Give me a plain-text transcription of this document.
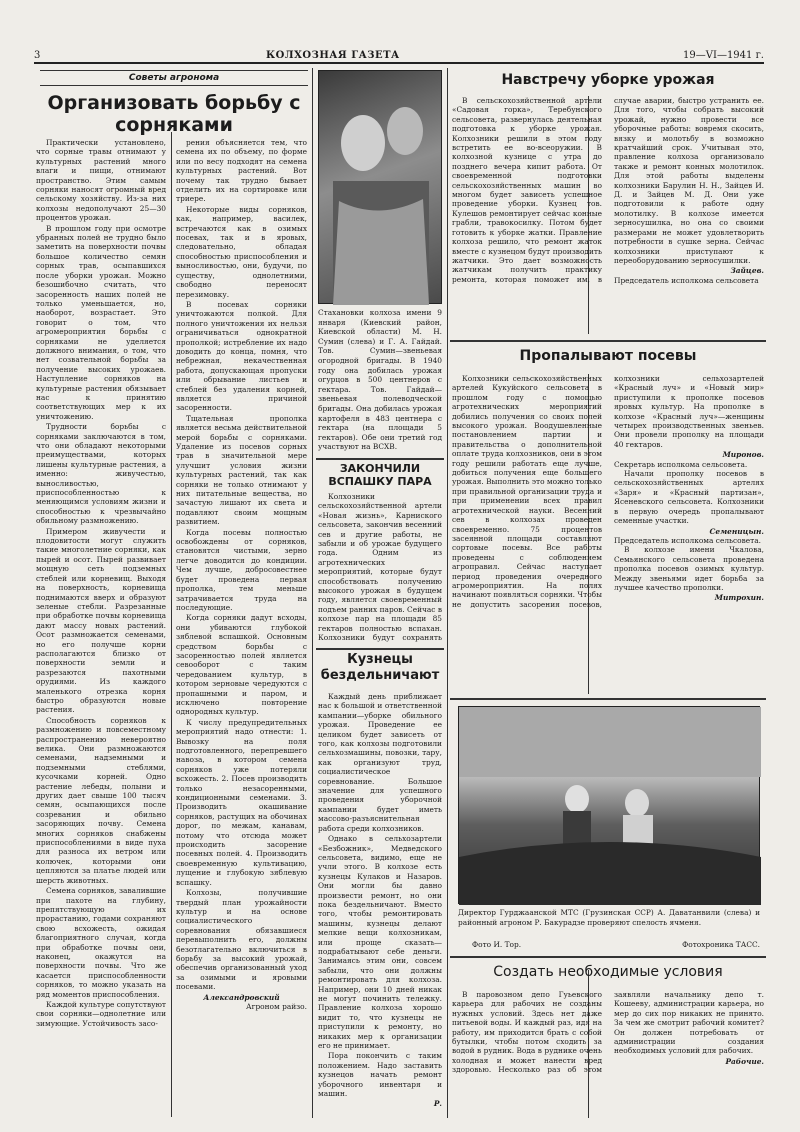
3	КОЛХОЗНАЯ ГАЗЕТА	19—VI—1941 г.
Советы агронома
Организовать борьбу с сорняками

Практически установлено, что сорные травы отнимают у культурных растений много влаги и пищи, отнимают пространство. Этим самым сорняки наносят огромный вред сельскому хозяйству. Из-за них колхозы недополучают 25—30 процентов урожая.

В прошлом году при осмотре убранных полей не трудно было заметить на поверхности почвы большое количество семян сорных трав, осыпавшихся после уборки урожая. Можно безошибочно считать, что засоренность наших полей не только уменьшается, но, наоборот, возрастает. Это говорит о том, что агромероприятия борьбы с сорняками не уделяется должного внимания, о том, что нет созвательной борьбы за получение высоких урожаев. Наступление сорняков на культурные растения обязывает нас к принятию соответствующих мер к их уничтожению.

Трудности борьбы с сорняками заключаются в том, что они обладают некоторыми преимуществами, которых лишены культурные растения, а именно: живучестью, выносливостью, приспособленностью к меняющимся условиям жизни и способностью к чрезвычайно обильному размножению.

Примером живучести и плодовитости могут служить такие многолетние сорняки, как пырей и осот. Пырей развивает мощную сеть подземных стеблей или корневищ. Выходя на поверхность, корневища поднимаются вверх и образуют зеленые стебли. Разрезанные при обработке почвы корневища дают массу новых растений. Осот размножается семенами, но его получше корни располагаются близко от поверхности земли и разрезаются пахотными орудиями. Из каждого маленького отрезка корня быстро образуются новые растения.

Способность сорняков к размножению и повсеместному распространению невероятно велика. Они размножаются семенами, надземными и подземными стеблями, кусочками корней. Одно растение лебеды, полыни и других дает свыше 100 тысяч семян, осыпающихся после созревания и обильно засоряющих почву. Семена многих сорняков снабжены приспособлениями в виде пуха для разноса их ветром или колючек, которыми они цепляются за платье людей или шерсть животных.

Семена сорняков, завалившие при пахоте на глубину, препятствующую их прорастанию, годами сохраняют свою всхожесть, ожидая благоприятного случая, когда при обработке почвы они, наконец, окажутся на поверхности почвы. Что же касается приспособленности сорняков, то можно указать на ряд моментов приспособления.

Каждой культуре сопутствуют свои сорняки—однолетние или зимующие. Устойчивость засо-

рения объясняется тем, что семена их по объему, по форме или по весу подходят на семена культурных растений. Вот почему так трудно бывает отделить их на сортировке или триере.

Некоторые виды сорняков, как, например, василек, встречаются как в озимых посевах, так и в яровых, следовательно, обладая способностью приспособления и выносливостью, они, будучи, по существу, однолетними, свободно переносят перезимовку.

В посевах сорняки уничтожаются полкой. Для полного уничтожения их нельзя ограничиваться однократной прополкой; истребление их надо доводить до конца, помня, что небрежная, некачественная работа, допускающая пропуски или обрывание листьев и стеблей без удаления корней, является причиной засоренности.

Тщательная прополка является весьма действительной мерой борьбы с сорняками. Удаление из посевов сорных трав в значительной мере улучшит условия жизни культурных растений, так как сорняки не только отнимают у них питательные вещества, но зачастую лишают их света и подавляют своим мощным развитием.

Когда посевы полностью освобождены от сорняков, становятся чистыми, зерно легче доводится до кондиции. Чем лучше, добросовестнее будет проведена первая прополка, тем меньше затрачивается труда на последующие.

Когда сорняки дадут всходы, они убиваются глубокой зяблевой вспашкой. Основным средством борьбы с засоренностью полей является севооборот с таким чередованием культур, в котором зерновые чередуются с пропашными и паром, и исключено повторение однородных культур.

К числу предупредительных мероприятий надо отнести: 1. Вывозку на поля подготовленного, перепревшего навоза, в котором семена сорняков уже потеряли всхожесть. 2. Посев производить только незасоренными, кондиционными семенами. 3. Производить окашивание сорняков, растущих на обочинах дорог, по межам, канавам, потому что отсюда может происходить засорение посевных полей. 4. Производить своевременную культивацию, лущение и глубокую зяблевую вспашку.

Колхозы, получившие твердый план урожайности культур и на основе социалистического соревнования обязавшиеся перевыполнить его, должны безотлагательно включиться в борьбу за высокий урожай, обеспечив организованный уход за озимыми и яровыми посевами.

Александровский
Агроном райзо.
Стахановки колхоза имени 9 января (Киевский район, Киевской области) М. Н. Сумин (слева) и Г. А. Гайдай. Тов. Сумин—звеньевая огородной бригады. В 1940 году она добилась урожая огурцов в 500 центнеров с гектара. Тов. Гайдай—звеньевая полеводческой бригады. Она добилась урожая картофеля в 483 центнера с гектара (на площади 5 гектаров). Обе они третий год участвуют на ВСХВ.
ЗАКОНЧИЛИ ВСПАШКУ ПАРА

Колхозники сельскохозяйственной артели «Новая жизнь», Карниского сельсовета, закончив весенний сев и другие работы, не забыли и об урожае будущего года. Одним из агротехнических мероприятий, которые будут способствовать получению высокого урожая в будущем году, является своевременный подъем ранних паров. Сейчас в колхозе пар на площади 85 гектаров полностью вспахан. Колхозники будут сохранять

Кузнецы бездельничают

Каждый день приближает нас к большой и ответственной кампании—уборке обильного урожая. Проведение ее целиком будет зависеть от того, как колхозы подготовили сельхозмашины, повозки, тару, как организуют труд, социалистическое соревнование. Большое значение для успешного проведения уборочной кампании будет иметь массово-разъяснительная работа среди колхозников.

Однако в сельхозартели «Безбожник», Медведского сельсовета, видимо, еще не учли этого. В колхозе есть кузнецы Кулаков и Назаров. Они могли бы давно произвести ремонт, но они пока бездельничают. Вместо того, чтобы ремонтировать машины, кузнецы делают мелкие вещи колхозникам, или проще сказать—подрабатывают себе деньги. Занимаясь этим они, совсем забыли, что они должны ремонтировать для колхоза. Например, они 10 дней никак не могут починить тележку. Правление колхоза хорошо видит то, что кузнецы не приступили к ремонту, но никаких мер к организации его не принимает.

Пора покончить с таким положением. Надо заставить кузнецов начать ремонт уборочного инвентаря и машин.

Р.
Навстречу уборке урожая

В сельскохозяйственной артели «Садовая горка», Теребунского сельсовета, развернулась деятельная подготовка к уборке урожая. Колхозники решили в этом году встретить ее во-всеоружии. В колхозной кузнице с утра до позднего вечера кипит работа. От своевременной подготовки сельскохозяйственных машин во многом будет зависеть успешное проведение уборки. Кузнец тов. Кулешов ремонтирует сейчас конные грабли, травокосилку. Потом будет готовить к уборке жатки. Правление колхоза решило, что ремонт жаток вместе с кузнецом будут производить жатчики. Это дает возможность жатчикам получить практику ремонта, которая поможет им, в случае аварии, быстро устранить ее. Для того, чтобы собрать высокий урожай, нужно провести все уборочные работы: вовремя скосить, вязку и молотьбу в возможно кратчайший срок. Учитывая это, правление колхоза организовало также и ремонт конных молотилок. Для этой работы выделены колхозники Барулин Н. Н., Зайцев И. Д. и Зайцев М. Д. Они уже подготовили к работе одну молотилку. В колхозе имеется зерносушилка, но она со своими размерами не может удовлетворить потребности в сушке зерна. Сейчас колхозники приступают к переоборудованию зерносушилки.

Зайцев.
Председатель исполкома сельсовета
Пропалывают посевы

Колхозники сельскохозяйственных артелей Кукуйского сельсовета в прошлом году с помощью агротехнических мероприятий добились получения со своих полей высокого урожая. Воодушевленные постановлением партии и правительства о дополнительной оплате труда колхозников, они в этом году решили работать еще лучше, добиться получения еще большего урожая. Выполнить это можно только при правильной организации труда и при применении всех правил агротехнической науки. Весенний сев в колхозах проведен своевременно. 75 процентов засеянной площади составляют сортовые посевы. Все работы проведены с соблюдением агроправил. Сейчас наступает период проведения очередного агромероприятия. На полях начинают появляться сорняки. Чтобы не допустить засорения посевов, колхозники сельхозартелей «Красный луч» и «Новый мир» приступили к прополке посевов яровых культур. На прополке в колхозе «Красный луч»—женщины четырех производственных звеньев. Они провели прополку на площади 40 гектаров.

Миронов.
Секретарь исполкома сельсовета.

Начали прополку посевов в сельскохозяйственных артелях «Заря» и «Красный партизан», Ясеневского сельсовета. Колхозники в первую очередь пропалывают семенные участки.

Семеницын.
Председатель исполкома сельсовета.

В колхозе имени Чкалова, Семьянского сельсовета проведена прополка посевов озимых культур. Между звеньями идет борьба за лучшее качество прополки.

Митрохин.
Директор Гурджаанской МТС (Грузинская ССР) А. Даватанвили (слева) и районный агроном Р. Бакурадзе проверяют спелость ячменя.
Фото И. Тор.	Фотохроника ТАСС.
Создать необходимые условия

В паровозном депо Гуьевского карьера для рабочих не созданы нужных условий. Здесь нет даже питьевой воды. И каждый раз, идя на работу, им приходится брать с собой бутылки, чтобы потом сходить за водой в рудник. Вода в руднике очень холодная и может нанести вред здоровью. Несколько раз об этом заявляли начальнику депо т. Кошееву, администрации карьера, но мер до сих пор никаких не принято. За чем же смотрит рабочий комитет? Он должен потребовать от администрации создания необходимых условий для рабочих.

Рабочие.
